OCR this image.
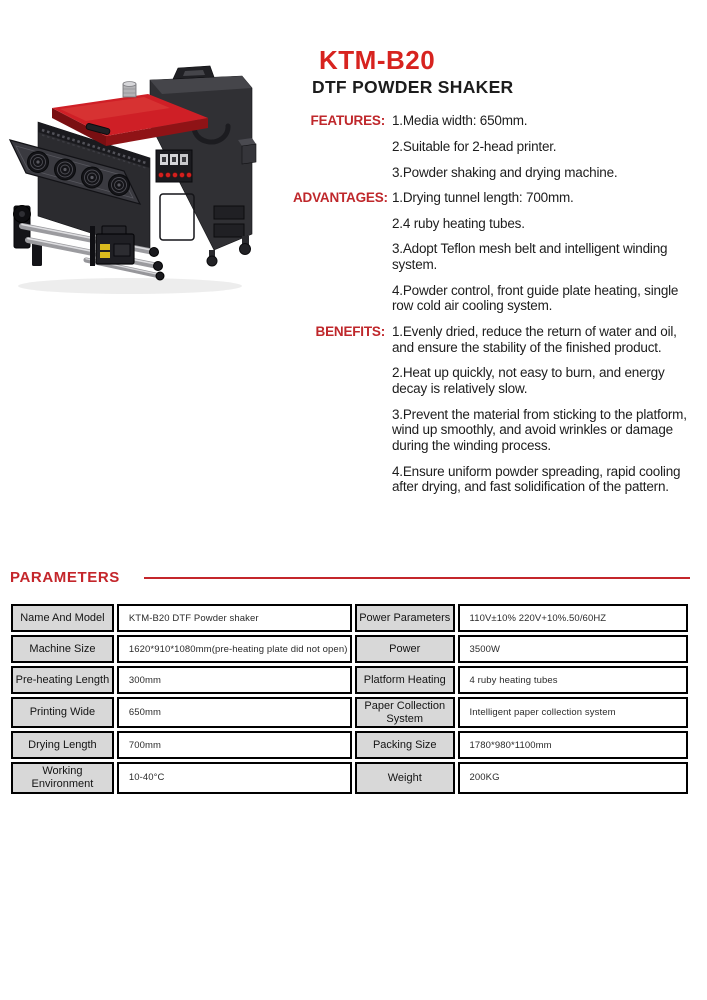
KTM-B20
DTF POWDER SHAKER
FEATURES: 1.Media width: 650mm.

2.Suitable for 2-head printer.

3.Powder shaking and drying machine.

ADVANTAGES: 1.Drying tunnel length: 700mm.

2.4 ruby heating tubes.

3.Adopt Teflon mesh belt and intelligent winding system.

4.Powder control, front guide plate heating, single row cold air cooling system.

BENEFITS: 1.Evenly dried, reduce the return of water and oil, and ensure the stability of the finished product.

2.Heat up quickly, not easy to burn, and energy decay is relatively slow.

3.Prevent the material from sticking to the platform, wind up smoothly, and avoid wrinkles or damage during the winding process.

4.Ensure uniform powder spreading, rapid cooling after drying, and fast solidification of the pattern.

PARAMETERS
Name And Model	KTM-B20 DTF Powder shaker	Power Parameters	110V±10% 220V+10%.50/60HZ
Machine Size	1620*910*1080mm(pre-heating plate did not open)	Power	3500W
Pre-heating Length	300mm	Platform Heating	4 ruby heating tubes
Printing Wide	650mm	Paper Collection System	Intelligent paper collection system
Drying Length	700mm	Packing Size	1780*980*1100mm
Working Environment	10-40°C	Weight	200KG
